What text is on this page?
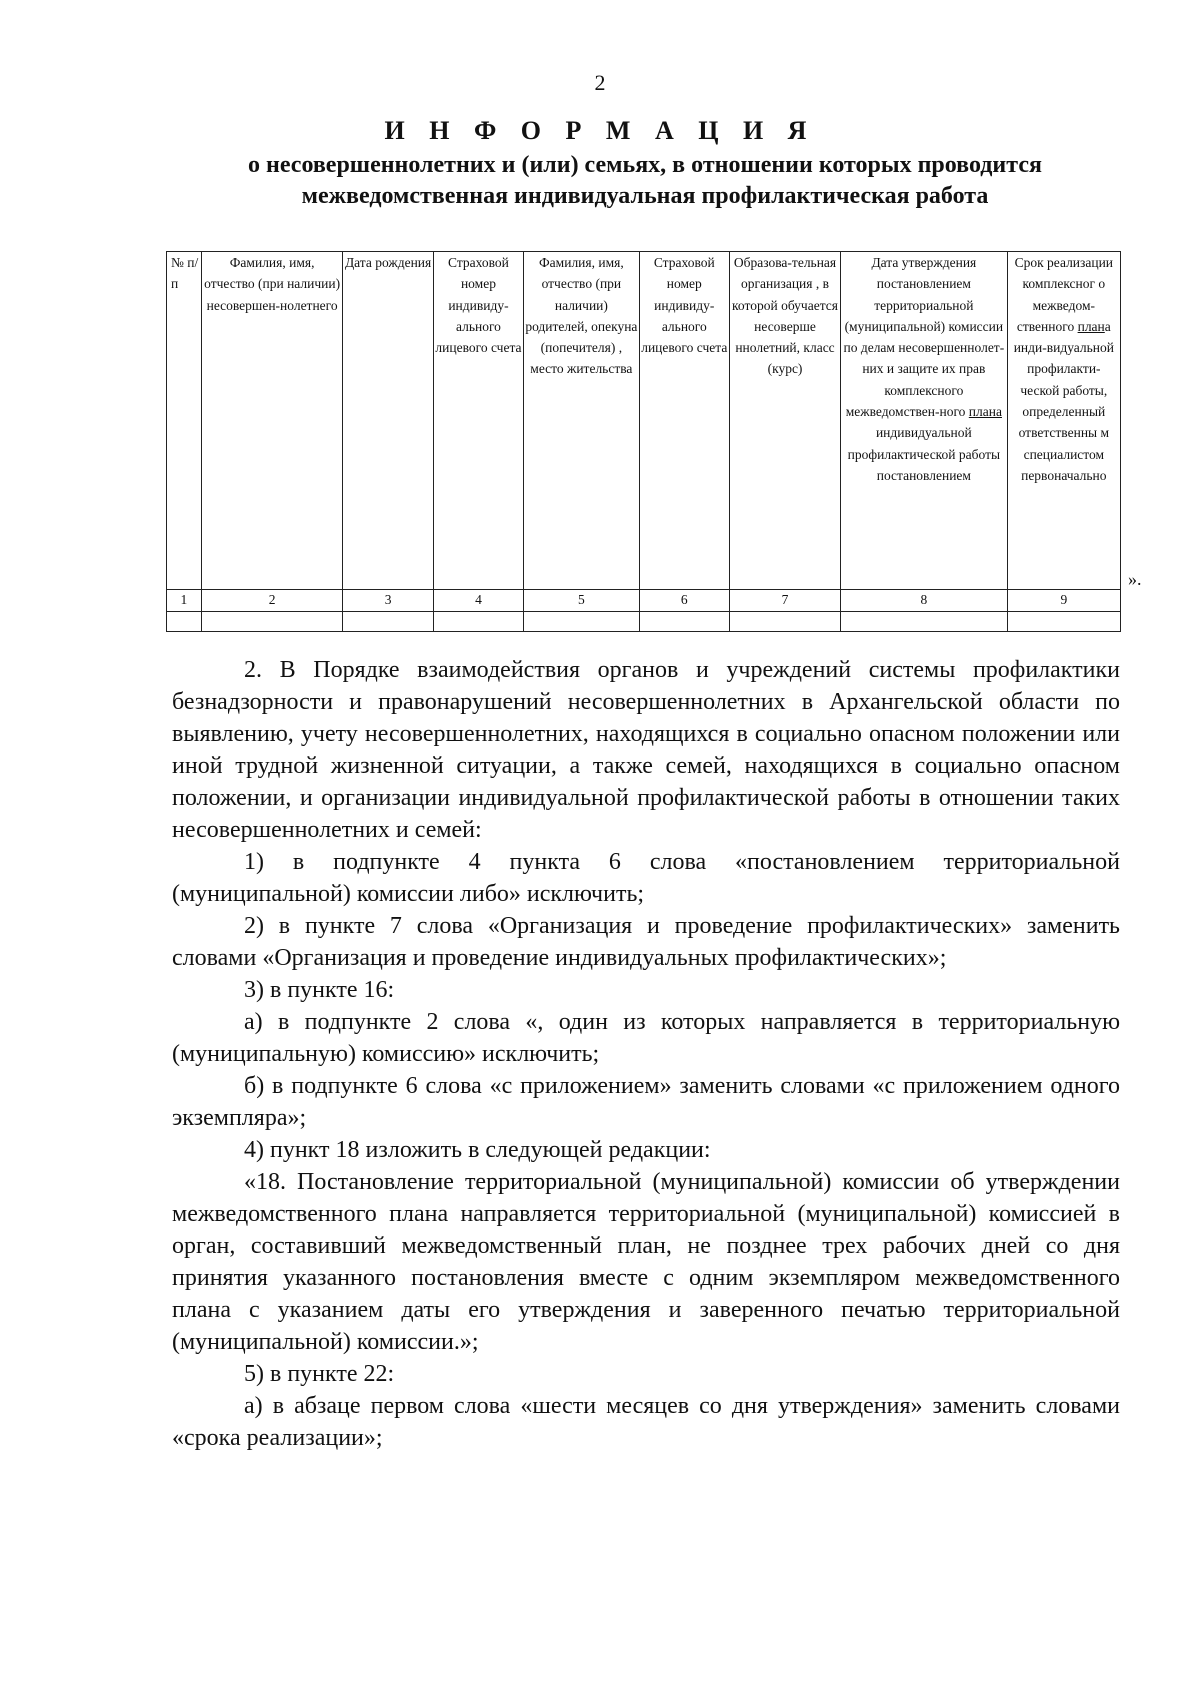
2
И Н Ф О Р М А Ц И Я
о несовершеннолетних и (или) семьях, в отношении которых проводится межведомственная индивидуальная профилактическая работа
№ п/п	Фамилия, имя, отчество (при наличии) несовершен-нолетнего	Дата рождения	Страховой номер индивиду-ального лицевого счета	Фамилия, имя, отчество (при наличии) родителей, опекуна (попечителя) , место жительства	Страховой номер индивиду-ального лицевого счета	Образова-тельная организация , в которой обучается несоверше ннолетний, класс (курс)	Дата утверждения постановлением территориальной (муниципальной) комиссии по делам несовершеннолет-них и защите их прав комплексного межведомствен-ного плана индивидуальной профилактической работы постановлением	Срок реализации комплексног о межведом-ственного плана инди-видуальной профилакти-ческой работы, определенный ответственны м специалистом первоначально
1	2	3	4	5	6	7	8	9

».

2. В Порядке взаимодействия органов и учреждений системы профилактики безнадзорности и правонарушений несовершеннолетних в Архангельской области по выявлению, учету несовершеннолетних, находящихся в социально опасном положении или иной трудной жизненной ситуации, а также семей, находящихся в социально опасном положении, и организации индивидуальной профилактической работы в отношении таких несовершеннолетних и семей:

1) в подпункте 4 пункта 6 слова «постановлением территориальной (муниципальной) комиссии либо» исключить;

2) в пункте 7 слова «Организация и проведение профилактических» заменить словами «Организация и проведение индивидуальных профилактических»;

3) в пункте 16:

а) в подпункте 2 слова «, один из которых направляется в территориальную (муниципальную) комиссию» исключить;

б) в подпункте 6 слова «с приложением» заменить словами «с приложением одного экземпляра»;

4) пункт 18 изложить в следующей редакции:

«18. Постановление территориальной (муниципальной) комиссии об утверждении межведомственного плана направляется территориальной (муниципальной) комиссией в орган, составивший межведомственный план, не позднее трех рабочих дней со дня принятия указанного постановления вместе с одним экземпляром межведомственного плана с указанием даты его утверждения и заверенного печатью территориальной (муниципальной) комиссии.»;

5) в пункте 22:

а) в абзаце первом слова «шести месяцев со дня утверждения» заменить словами «срока реализации»;
